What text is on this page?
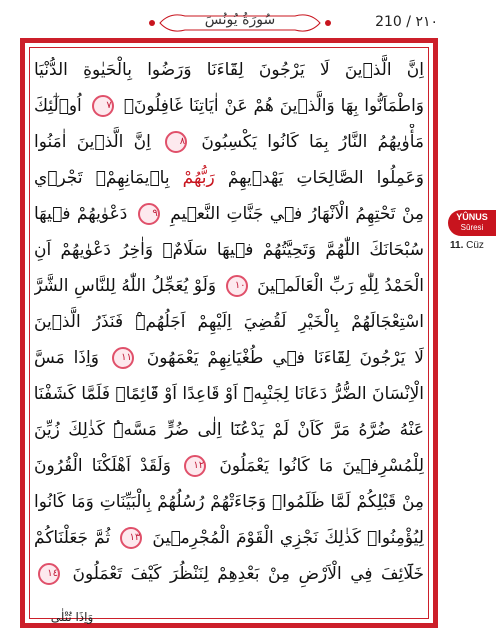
سُورَةُ يُونُسَ	210 / ٢١٠
اِنَّ الَّذ۪ينَ لَا يَرْجُونَ لِقَٓاءَنَا وَرَضُوا بِالْحَيٰوةِ الدُّنْيَا
وَاطْمَاَنُّوا بِهَا وَالَّذ۪ينَ هُمْ عَنْ اٰيَاتِنَا غَافِلُونَۙ ٧ اُو۬لٰٓئِكَ
مَأْوٰيهُمُ النَّارُ بِمَا كَانُوا يَكْسِبُونَ ٨ اِنَّ الَّذ۪ينَ اٰمَنُوا
وَعَمِلُوا الصَّالِحَاتِ يَهْد۪يهِمْ رَبُّهُمْ بِا۪يمَانِهِمْۚ تَجْر۪ي
مِنْ تَحْتِهِمُ الْاَنْهَارُ ف۪ي جَنَّاتِ النَّع۪يمِ ٩ دَعْوٰيهُمْ ف۪يهَا
سُبْحَانَكَ اللّٰهُمَّ وَتَحِيَّتُهُمْ ف۪يهَا سَلَامٌۚ وَاٰخِرُ دَعْوٰيهُمْ اَنِ
الْحَمْدُ لِلّٰهِ رَبِّ الْعَالَم۪ينَ ١٠ وَلَوْ يُعَجِّلُ اللّٰهُ لِلنَّاسِ الشَّرَّ
اسْتِعْجَالَهُمْ بِالْخَيْرِ لَقُضِيَ اِلَيْهِمْ اَجَلُهُمْۜ فَنَذَرُ الَّذ۪ينَ
لَا يَرْجُونَ لِقَٓاءَنَا ف۪ي طُغْيَانِهِمْ يَعْمَهُونَ ١١ وَاِذَا مَسَّ
الْاِنْسَانَ الضُّرُّ دَعَانَا لِجَنْبِه۪ٓ اَوْ قَاعِدًا اَوْ قَٓائِمًاۚ فَلَمَّا كَشَفْنَا
عَنْهُ ضُرَّهُ مَرَّ كَاَنْ لَمْ يَدْعُنَٓا اِلٰى ضُرٍّ مَسَّهُۜ كَذٰلِكَ زُيِّنَ
لِلْمُسْرِف۪ينَ مَا كَانُوا يَعْمَلُونَ ١٢ وَلَقَدْ اَهْلَكْنَا الْقُرُونَ
مِنْ قَبْلِكُمْ لَمَّا ظَلَمُواۙ وَجَٓاءَتْهُمْ رُسُلُهُمْ بِالْبَيِّنَاتِ وَمَا كَانُوا
لِيُؤْمِنُواۜ كَذٰلِكَ نَجْزِي الْقَوْمَ الْمُجْرِم۪ينَ ١٣ ثُمَّ جَعَلْنَاكُمْ
خَلَٓائِفَ فِي الْاَرْضِ مِنْ بَعْدِهِمْ لِنَنْظُرَ كَيْفَ تَعْمَلُونَ ١٤
وَاِذَا تُتْلٰى
YÛNUS
Sûresi
11. Cüz
